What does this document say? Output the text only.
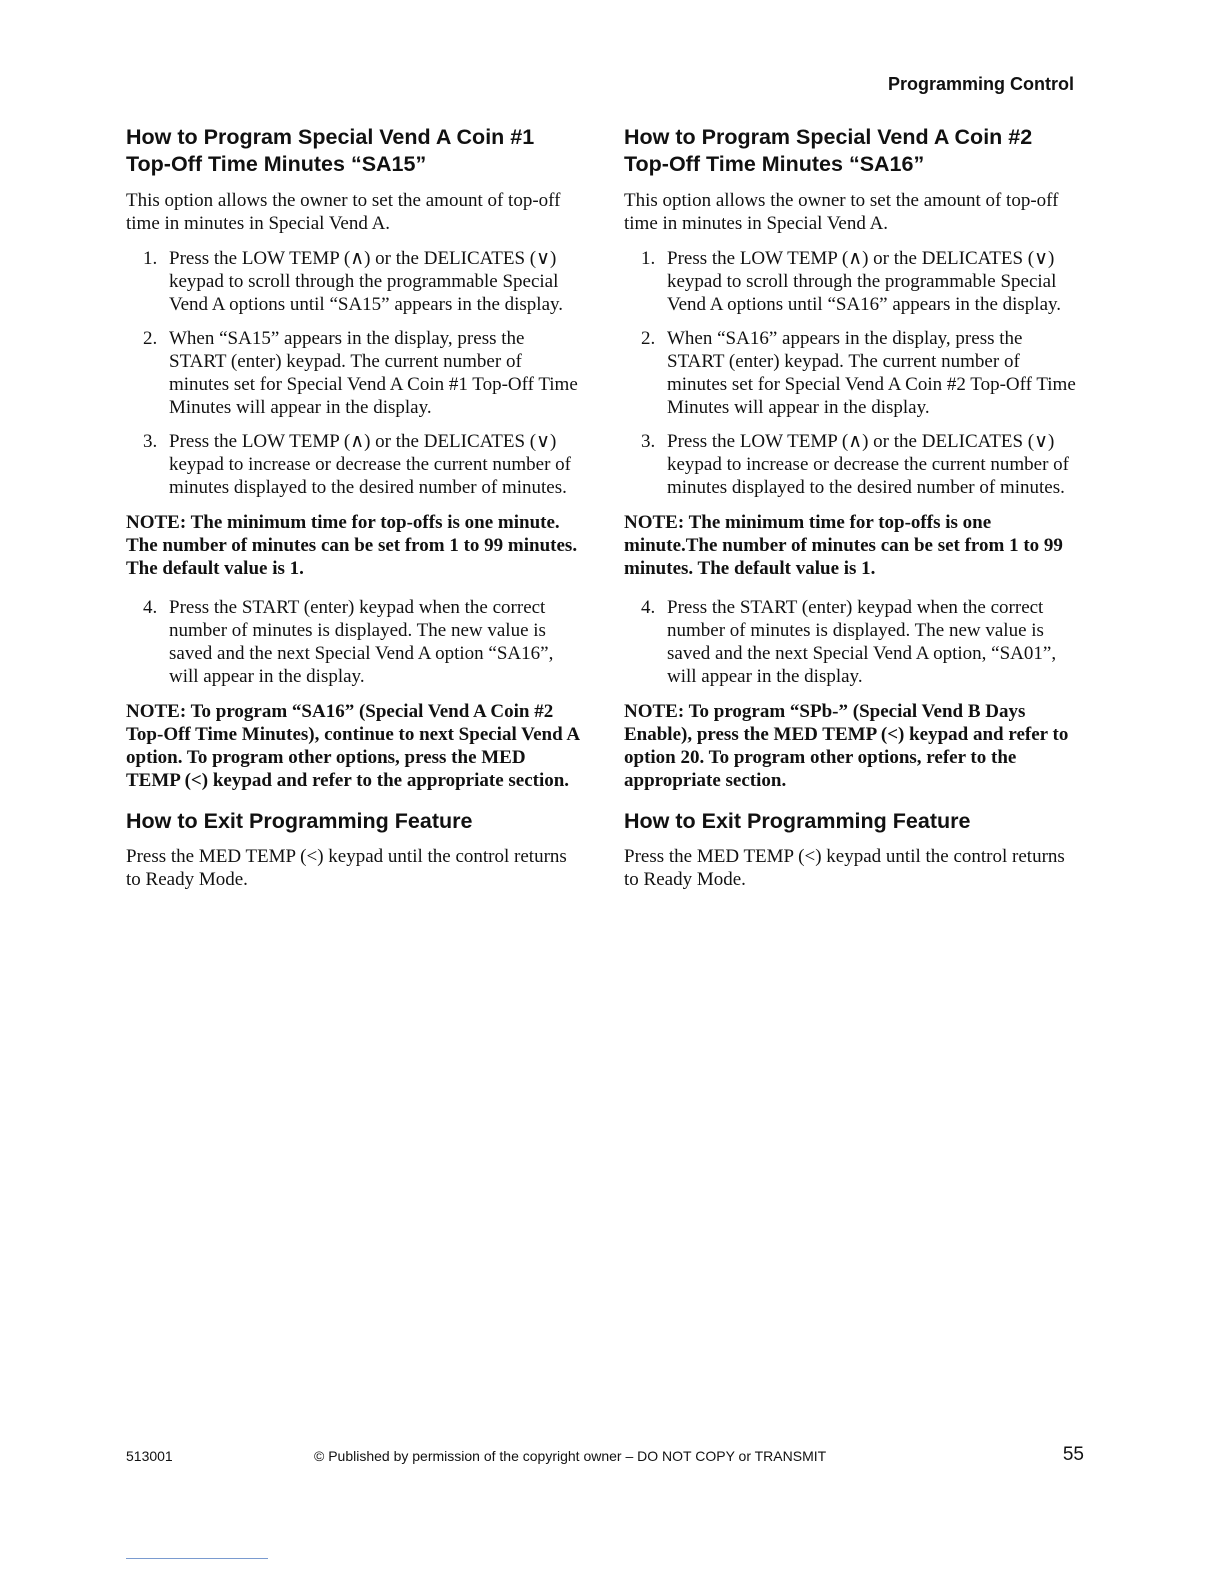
Programming Control
How to Program Special Vend A Coin #1 Top-Off Time Minutes “SA15”

This option allows the owner to set the amount of top-off time in minutes in Special Vend A.

1. Press the LOW TEMP (∧) or the DELICATES (∨) keypad to scroll through the programmable Special Vend A options until “SA15” appears in the display.
2. When “SA15” appears in the display, press the START (enter) keypad. The current number of minutes set for Special Vend A Coin #1 Top-Off Time Minutes will appear in the display.
3. Press the LOW TEMP (∧) or the DELICATES (∨) keypad to increase or decrease the current number of minutes displayed to the desired number of minutes.
NOTE: The minimum time for top-offs is one minute. The number of minutes can be set from 1 to 99 minutes. The default value is 1.
4. Press the START (enter) keypad when the correct number of minutes is displayed. The new value is saved and the next Special Vend A option “SA16”, will appear in the display.
NOTE: To program “SA16” (Special Vend A Coin #2 Top-Off Time Minutes), continue to next Special Vend A option. To program other options, press the MED TEMP (<) keypad and refer to the appropriate section.
How to Exit Programming Feature

Press the MED TEMP (<) keypad until the control returns to Ready Mode.

How to Program Special Vend A Coin #2 Top-Off Time Minutes “SA16”

This option allows the owner to set the amount of top-off time in minutes in Special Vend A.

1. Press the LOW TEMP (∧) or the DELICATES (∨) keypad to scroll through the programmable Special Vend A options until “SA16” appears in the display.
2. When “SA16” appears in the display, press the START (enter) keypad. The current number of minutes set for Special Vend A Coin #2 Top-Off Time Minutes will appear in the display.
3. Press the LOW TEMP (∧) or the DELICATES (∨) keypad to increase or decrease the current number of minutes displayed to the desired number of minutes.
NOTE: The minimum time for top-offs is one minute.The number of minutes can be set from 1 to 99 minutes. The default value is 1.
4. Press the START (enter) keypad when the correct number of minutes is displayed. The new value is saved and the next Special Vend A option, “SA01”, will appear in the display.
NOTE: To program “SPb-” (Special Vend B Days Enable), press the MED TEMP (<) keypad and refer to option 20. To program other options, refer to the appropriate section.
How to Exit Programming Feature

Press the MED TEMP (<) keypad until the control returns to Ready Mode.

513001	© Published by permission of the copyright owner – DO NOT COPY or TRANSMIT	55
